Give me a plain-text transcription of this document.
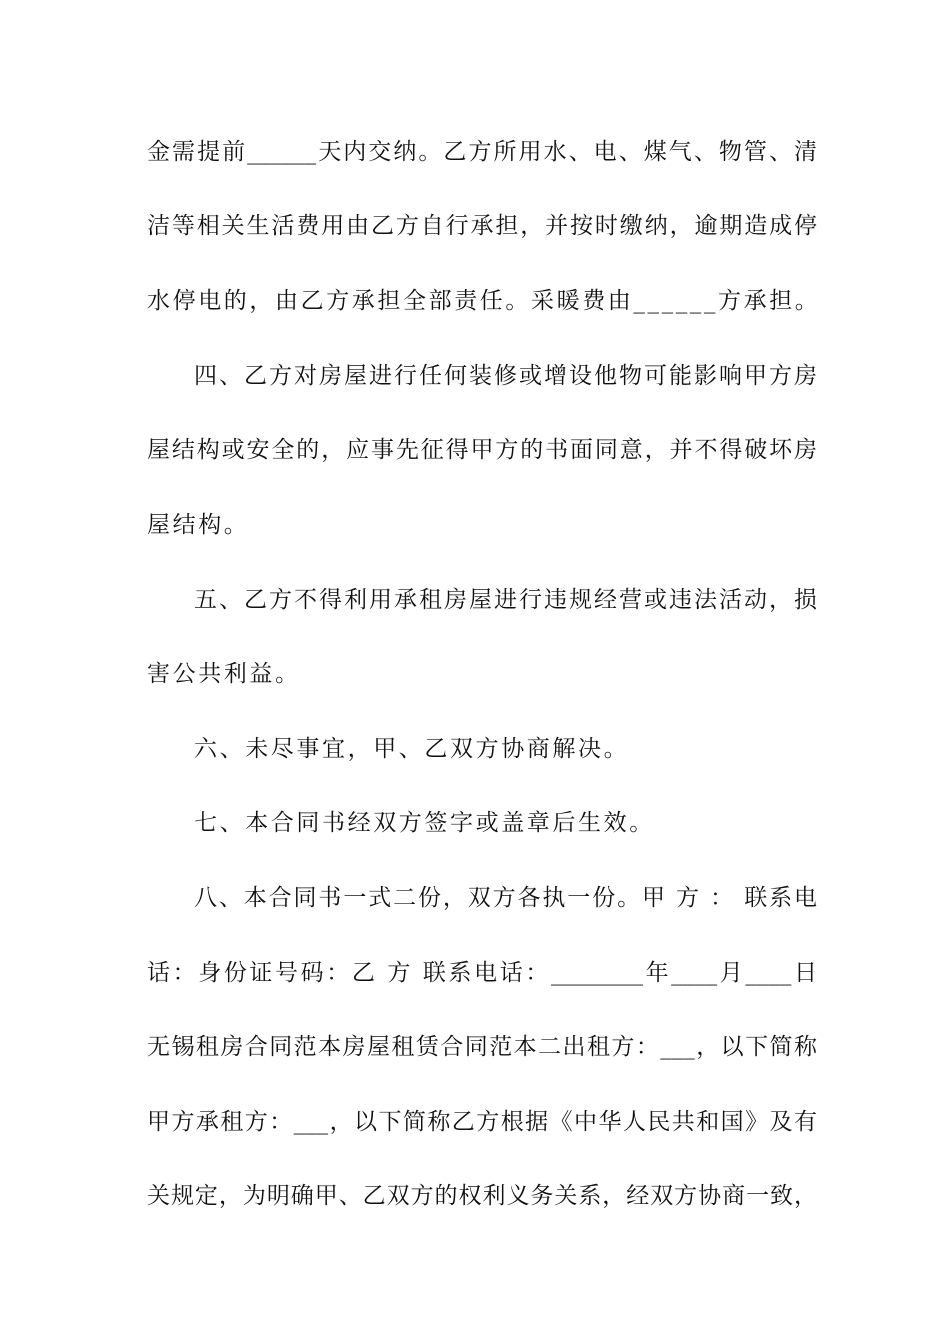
金需提前______天内交纳。乙方所用水、电、煤气、物管、清
洁等相关生活费用由乙方自行承担，并按时缴纳，逾期造成停
水停电的，由乙方承担全部责任。采暖费由______方承担。
四、乙方对房屋进行任何装修或增设他物可能影响甲方房
屋结构或安全的，应事先征得甲方的书面同意，并不得破坏房
屋结构。
五、乙方不得利用承租房屋进行违规经营或违法活动，损
害公共利益。
六、未尽事宜，甲、乙双方协商解决。
七、本合同书经双方签字或盖章后生效。
八、本合同书一式二份，双方各执一份。甲 方 ： 联系电
话：身份证号码：乙 方 联系电话：________年____月____日
无锡租房合同范本房屋租赁合同范本二出租方：___，以下简称
甲方承租方：___，以下简称乙方根据《中华人民共和国》及有
关规定，为明确甲、乙双方的权利义务关系，经双方协商一致，
